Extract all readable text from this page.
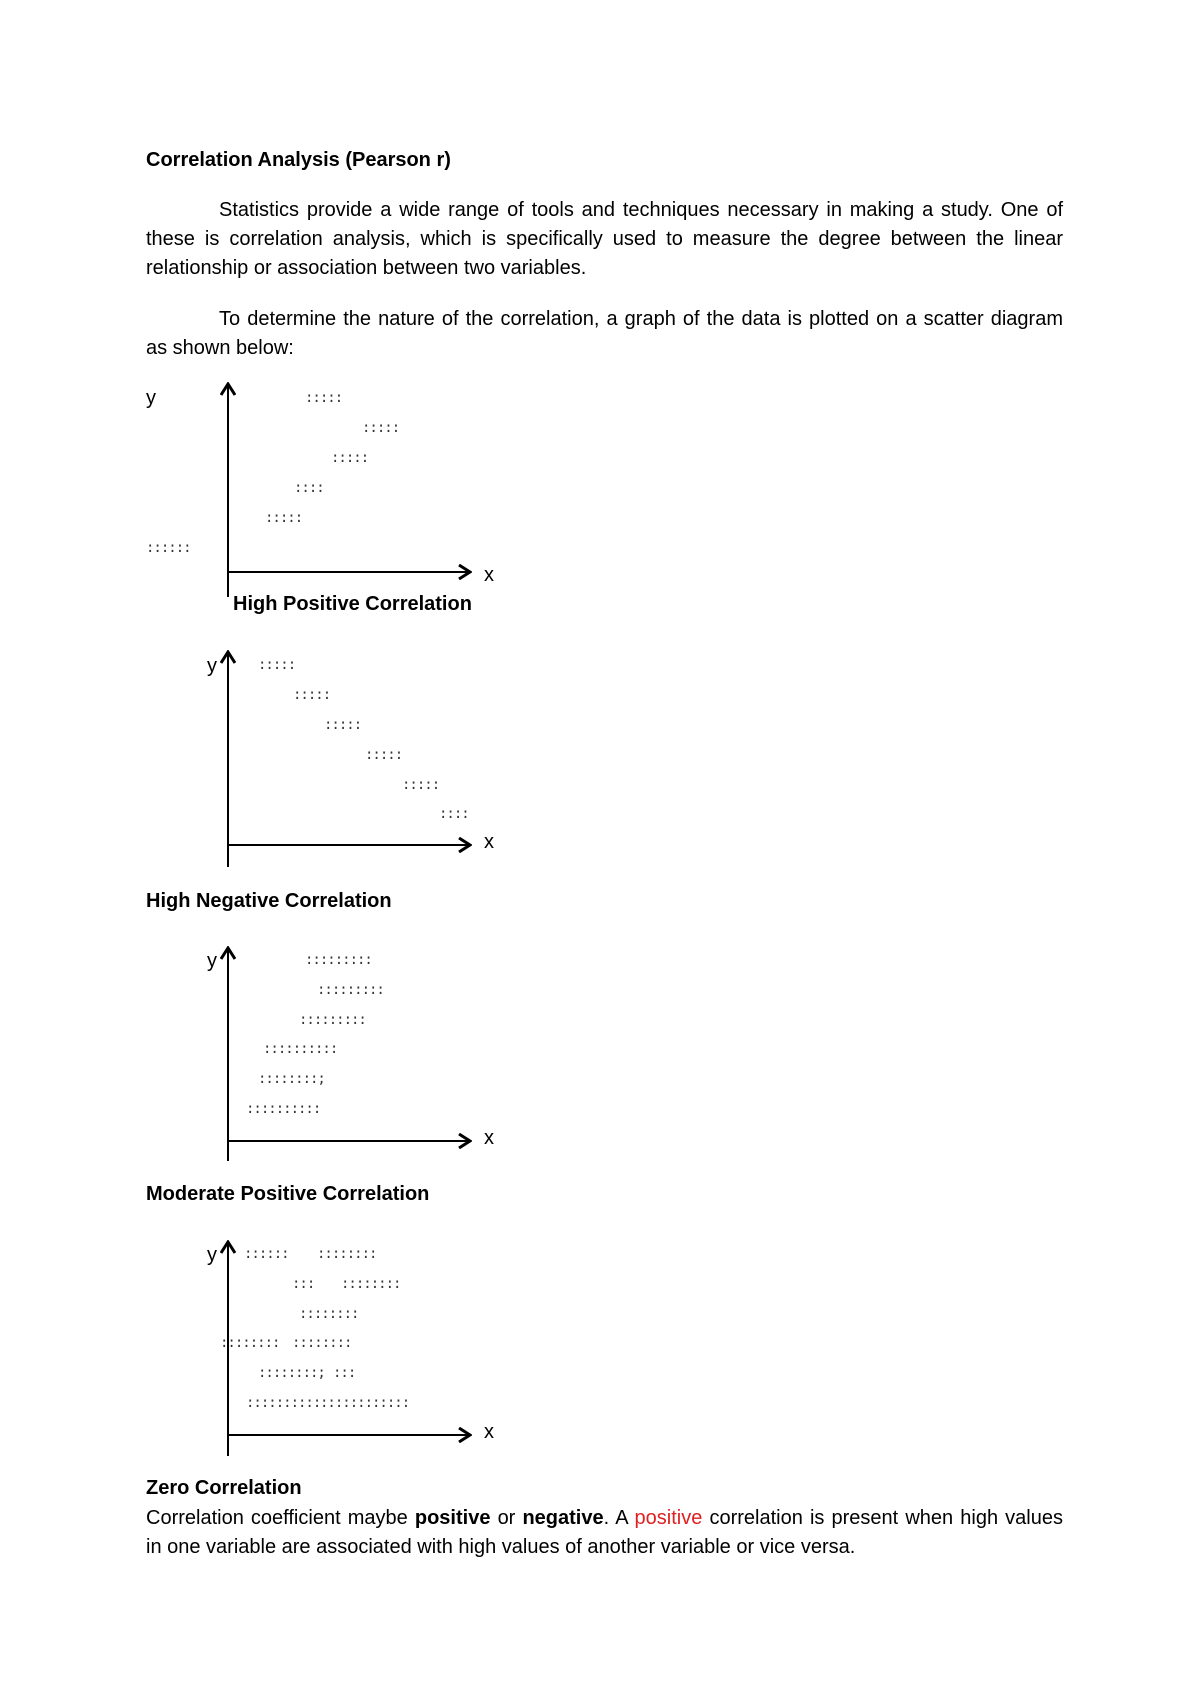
Correlation Analysis (Pearson r)

Statistics provide a wide range of tools and techniques necessary in making a study. One of these is correlation analysis, which is specifically used to measure the degree between the linear relationship or association between two variables.

To determine the nature of the correlation, a graph of the data is plotted on a scatter diagram as shown below:

y
x
:::::
:::::
:::::
::::
:::::
::::::

High Positive Correlation

y
x
:::::
:::::
:::::
:::::
:::::
::::

High Negative Correlation

y
x
:::::::::
:::::::::
:::::::::
::::::::::
::::::::;
::::::::::

Moderate Positive Correlation

y
x
:::::: ::::::::
::: ::::::::
::::::::
:::::::: ::::::::
::::::::; :::
:::::::::: ::::::::::::

Zero Correlation

Correlation coefficient maybe positive or negative. A positive correlation is present when high values in one variable are associated with high values of another variable or vice versa.
